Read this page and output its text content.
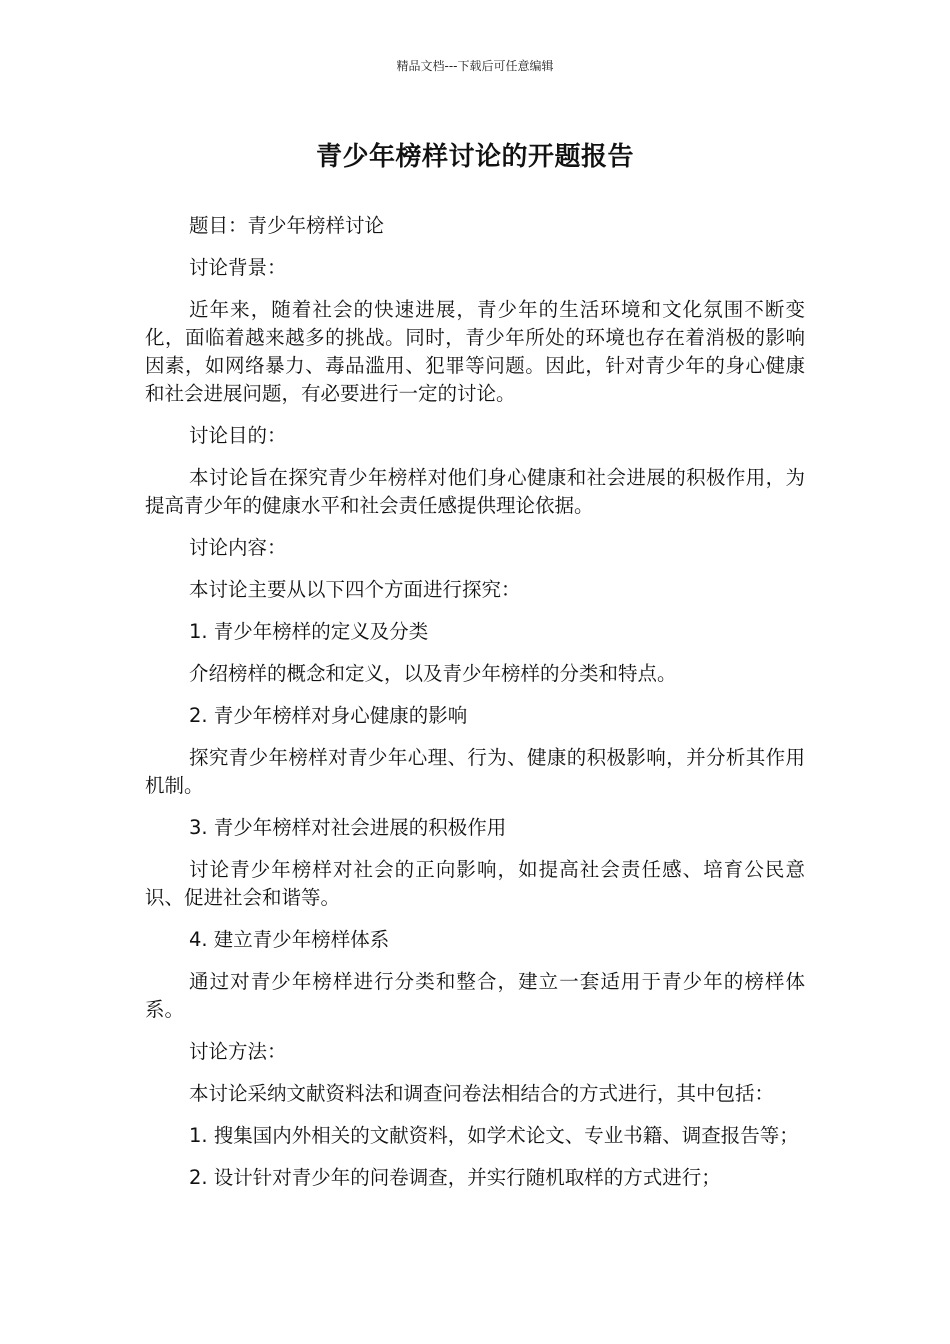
精品文档---下载后可任意编辑
青少年榜样讨论的开题报告

题目：青少年榜样讨论

讨论背景：

近年来，随着社会的快速进展，青少年的生活环境和文化氛围不断变化，面临着越来越多的挑战。同时，青少年所处的环境也存在着消极的影响因素，如网络暴力、毒品滥用、犯罪等问题。因此，针对青少年的身心健康和社会进展问题，有必要进行一定的讨论。

讨论目的：

本讨论旨在探究青少年榜样对他们身心健康和社会进展的积极作用，为提高青少年的健康水平和社会责任感提供理论依据。

讨论内容：

本讨论主要从以下四个方面进行探究：

1. 青少年榜样的定义及分类

介绍榜样的概念和定义，以及青少年榜样的分类和特点。

2. 青少年榜样对身心健康的影响

探究青少年榜样对青少年心理、行为、健康的积极影响，并分析其作用机制。

3. 青少年榜样对社会进展的积极作用

讨论青少年榜样对社会的正向影响，如提高社会责任感、培育公民意识、促进社会和谐等。

4. 建立青少年榜样体系

通过对青少年榜样进行分类和整合，建立一套适用于青少年的榜样体系。

讨论方法：

本讨论采纳文献资料法和调查问卷法相结合的方式进行，其中包括：

1. 搜集国内外相关的文献资料，如学术论文、专业书籍、调查报告等；

2. 设计针对青少年的问卷调查，并实行随机取样的方式进行；
